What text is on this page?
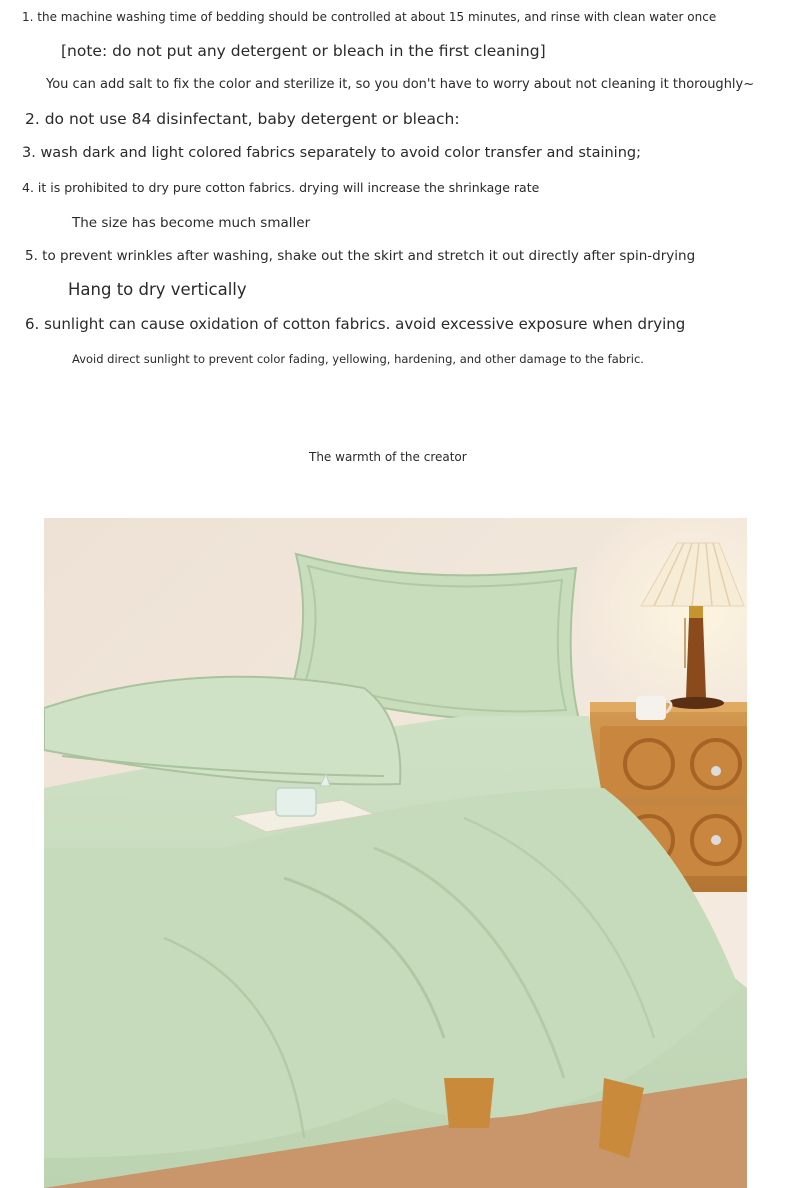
1. the machine washing time of bedding should be controlled at about 15 minutes, and rinse with clean water once
[note: do not put any detergent or bleach in the first cleaning]
You can add salt to fix the color and sterilize it, so you don't have to worry about not cleaning it thoroughly~
2. do not use 84 disinfectant, baby detergent or bleach:
3. wash dark and light colored fabrics separately to avoid color transfer and staining;
4. it is prohibited to dry pure cotton fabrics. drying will increase the shrinkage rate
The size has become much smaller
5. to prevent wrinkles after washing, shake out the skirt and stretch it out directly after spin-drying
Hang to dry vertically
6. sunlight can cause oxidation of cotton fabrics. avoid excessive exposure when drying
Avoid direct sunlight to prevent color fading, yellowing, hardening, and other damage to the fabric.
The warmth of the creator
